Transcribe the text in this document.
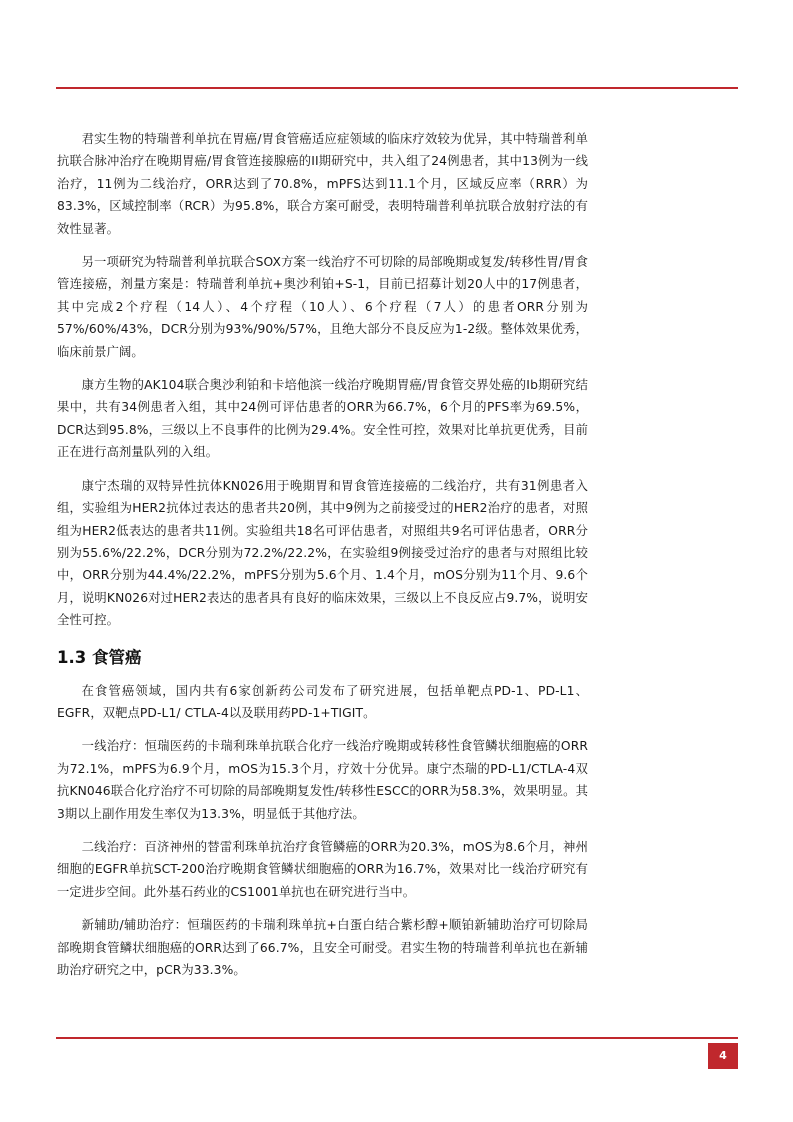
君实生物的特瑞普利单抗在胃癌/胃食管癌适应症领域的临床疗效较为优异，其中特瑞普利单抗联合脉冲治疗在晚期胃癌/胃食管连接腺癌的II期研究中，共入组了24例患者，其中13例为一线治疗，11例为二线治疗，ORR达到了70.8%，mPFS达到11.1个月，区域反应率（RRR）为83.3%，区域控制率（RCR）为95.8%，联合方案可耐受，表明特瑞普利单抗联合放射疗法的有效性显著。

另一项研究为特瑞普利单抗联合SOX方案一线治疗不可切除的局部晚期或复发/转移性胃/胃食管连接癌，剂量方案是：特瑞普利单抗+奥沙利铂+S-1，目前已招募计划20人中的17例患者，其中完成2个疗程（14人）、4个疗程（10人）、6个疗程（7人）的患者ORR分别为57%/60%/43%，DCR分别为93%/90%/57%，且绝大部分不良反应为1-2级。整体效果优秀，临床前景广阔。

康方生物的AK104联合奥沙利铂和卡培他滨一线治疗晚期胃癌/胃食管交界处癌的Ⅰb期研究结果中，共有34例患者入组，其中24例可评估患者的ORR为66.7%，6个月的PFS率为69.5%，DCR达到95.8%，三级以上不良事件的比例为29.4%。安全性可控，效果对比单抗更优秀，目前正在进行高剂量队列的入组。

康宁杰瑞的双特异性抗体KN026用于晚期胃和胃食管连接癌的二线治疗，共有31例患者入组，实验组为HER2抗体过表达的患者共20例，其中9例为之前接受过的HER2治疗的患者，对照组为HER2低表达的患者共11例。实验组共18名可评估患者，对照组共9名可评估患者，ORR分别为55.6%/22.2%，DCR分别为72.2%/22.2%，在实验组9例接受过治疗的患者与对照组比较中，ORR分别为44.4%/22.2%，mPFS分别为5.6个月、1.4个月，mOS分别为11个月、9.6个月，说明KN026对过HER2表达的患者具有良好的临床效果，三级以上不良反应占9.7%，说明安全性可控。

1.3 食管癌

在食管癌领域，国内共有6家创新药公司发布了研究进展，包括单靶点PD-1、PD-L1、EGFR，双靶点PD-L1/ CTLA-4以及联用药PD-1+TIGIT。

一线治疗：恒瑞医药的卡瑞利珠单抗联合化疗一线治疗晚期或转移性食管鳞状细胞癌的ORR为72.1%，mPFS为6.9个月，mOS为15.3个月，疗效十分优异。康宁杰瑞的PD-L1/CTLA-4双抗KN046联合化疗治疗不可切除的局部晚期复发性/转移性ESCC的ORR为58.3%，效果明显。其3期以上副作用发生率仅为13.3%，明显低于其他疗法。

二线治疗：百济神州的替雷利珠单抗治疗食管鳞癌的ORR为20.3%，mOS为8.6个月，神州细胞的EGFR单抗SCT-200治疗晚期食管鳞状细胞癌的ORR为16.7%，效果对比一线治疗研究有一定进步空间。此外基石药业的CS1001单抗也在研究进行当中。

新辅助/辅助治疗：恒瑞医药的卡瑞利珠单抗+白蛋白结合紫杉醇+顺铂新辅助治疗可切除局部晚期食管鳞状细胞癌的ORR达到了66.7%，且安全可耐受。君实生物的特瑞普利单抗也在新辅助治疗研究之中，pCR为33.3%。

4
